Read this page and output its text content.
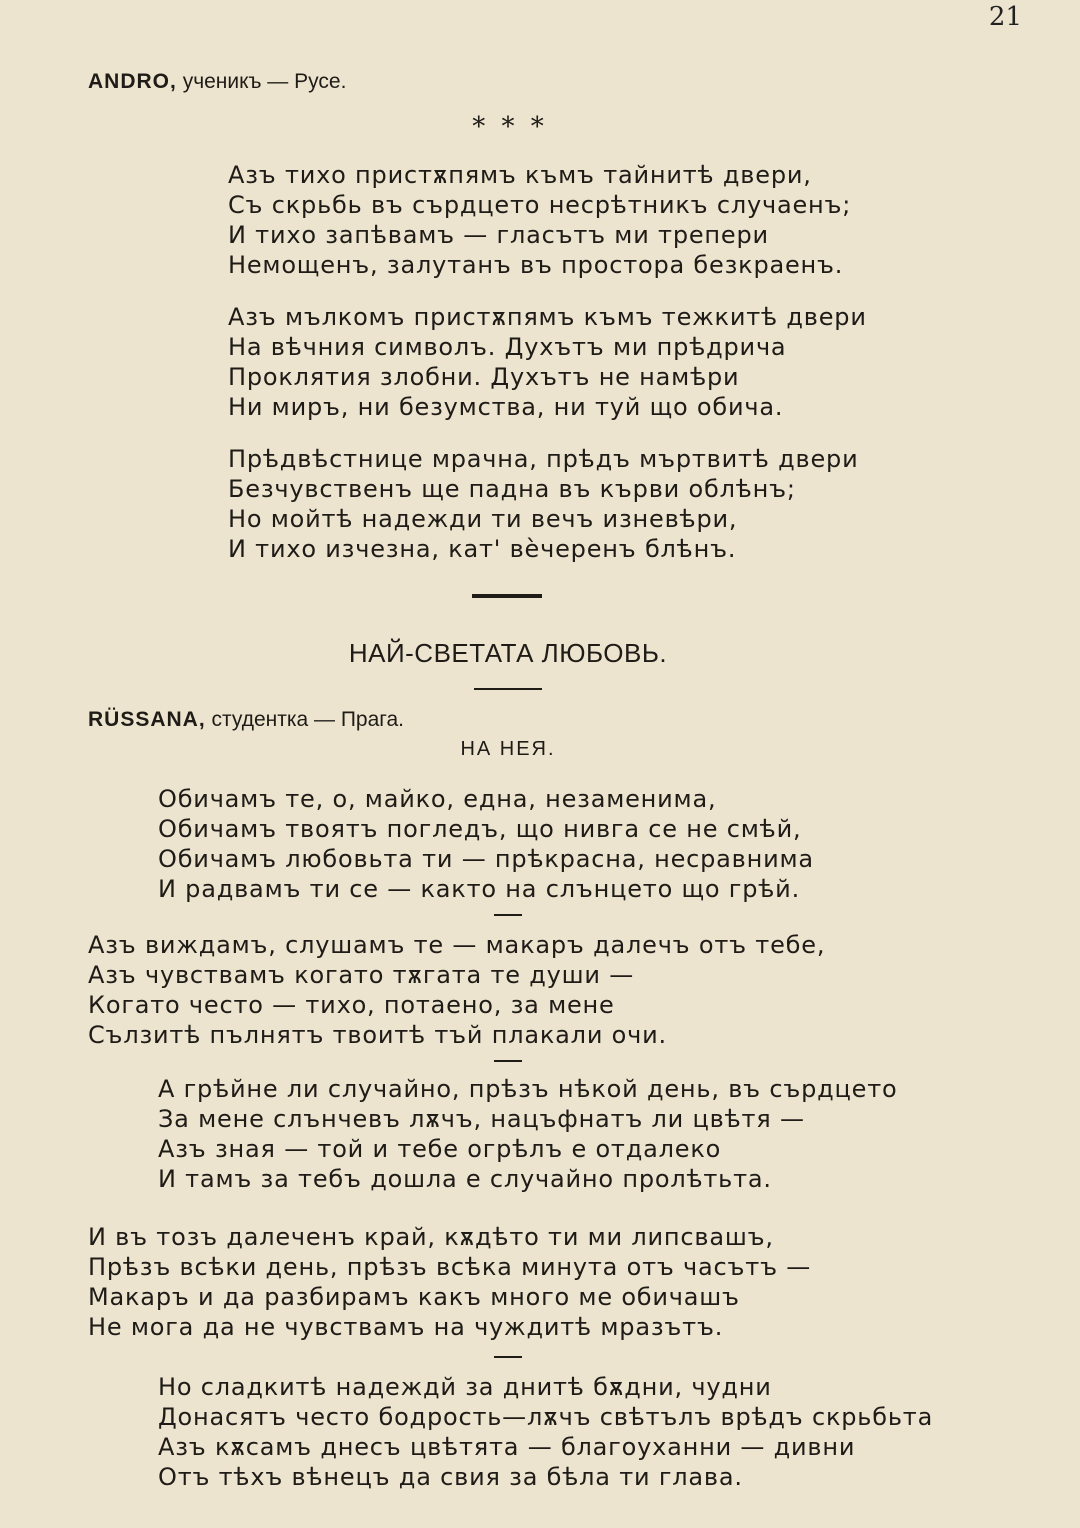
21
ANDRO, ученикъ — Русе.
* * *
Азъ тихо пристѫпямъ къмъ тайнитѣ двери,
Съ скрьбь въ сърдцето несрѣтникъ случаенъ;
И тихо запѣвамъ — гласътъ ми трепери
Немощенъ, залутанъ въ простора безкраенъ.
Азъ мълкомъ пристѫпямъ къмъ тежкитѣ двери
На вѣчния символъ. Духътъ ми прѣдрича
Проклятия злобни. Духътъ не намѣри
Ни миръ, ни безумства, ни туй що обича.
Прѣдвѣстнице мрачна, прѣдъ мъртвитѣ двери
Безчувственъ ще падна въ кърви облѣнъ;
Но мойтѣ надежди ти вечъ изневѣри,
И тихо изчезна, кат' вѐчеренъ блѣнъ.
НАЙ-СВЕТАТА ЛЮБОВЬ.
RÜSSANA, студентка — Прага.
НА НЕЯ.
Обичамъ те, о, майко, една, незаменима,
Обичамъ твоятъ погледъ, що нивга се не смѣй,
Обичамъ любовьта ти — прѣкрасна, несравнима
И радвамъ ти се — както на слънцето що грѣй.
Азъ виждамъ, слушамъ те — макаръ далечъ отъ тебе,
Азъ чувствамъ когато тѫгата те души —
Когато често — тихо, потаено, за мене
Сълзитѣ пълнятъ твоитѣ тъй плакали очи.
А грѣйне ли случайно, прѣзъ нѣкой день, въ сърдцето
За мене слънчевъ лѫчъ, нацъфнатъ ли цвѣтя —
Азъ зная — той и тебе огрѣлъ е отдалеко
И тамъ за тебъ дошла е случайно пролѣтьта.
И въ тозъ далеченъ край, кѫдѣто ти ми липсвашъ,
Прѣзъ всѣки день, прѣзъ всѣка минута отъ часътъ —
Макаръ и да разбирамъ какъ много ме обичашъ
Не мога да не чувствамъ на чуждитѣ мразътъ.
Но сладкитѣ надеждй за днитѣ бѫдни, чудни
Донасятъ често бодрость—лѫчъ свѣтълъ врѣдъ скрьбьта
Азъ кѫсамъ днесъ цвѣтята — благоуханни — дивни
Отъ тѣхъ вѣнецъ да свия за бѣла ти глава.
